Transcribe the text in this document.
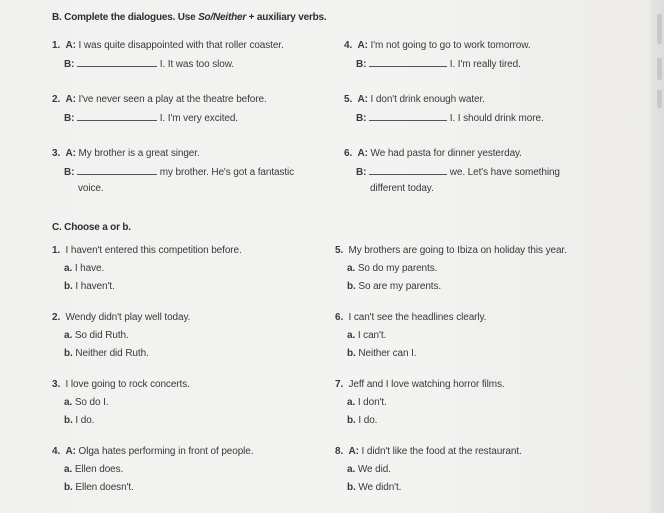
B. Complete the dialogues. Use So/Neither + auxiliary verbs.
1. A: I was quite disappointed with that roller coaster.
B:	I. It was too slow.
2. A: I've never seen a play at the theatre before.
B:	I. I'm very excited.
3. A: My brother is a great singer.
B:	my brother. He's got a fantastic
voice.
4. A: I'm not going to go to work tomorrow.
B:	I. I'm really tired.
5. A: I don't drink enough water.
B:	I. I should drink more.
6. A: We had pasta for dinner yesterday.
B:	we. Let's have something
different today.
C. Choose a or b.
1. I haven't entered this competition before.
a. I have.
b. I haven't.
2. Wendy didn't play well today.
a. So did Ruth.
b. Neither did Ruth.
3. I love going to rock concerts.
a. So do I.
b. I do.
4. A: Olga hates performing in front of people.
a. Ellen does.
b. Ellen doesn't.
5. My brothers are going to Ibiza on holiday this year.
a. So do my parents.
b. So are my parents.
6. I can't see the headlines clearly.
a. I can't.
b. Neither can I.
7. Jeff and I love watching horror films.
a. I don't.
b. I do.
8. A: I didn't like the food at the restaurant.
a. We did.
b. We didn't.
